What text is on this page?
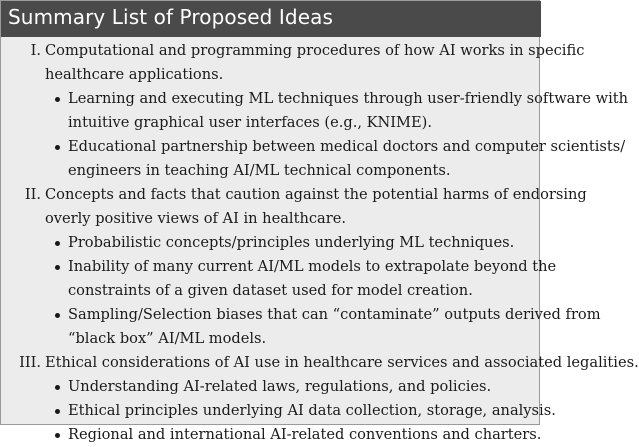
Summary List of Proposed Ideas
I. Computational and programming procedures of how AI works in specific
healthcare applications.
Learning and executing ML techniques through user-friendly software with
intuitive graphical user interfaces (e.g., KNIME).
Educational partnership between medical doctors and computer scientists/
engineers in teaching AI/ML technical components.
II. Concepts and facts that caution against the potential harms of endorsing
overly positive views of AI in healthcare.
Probabilistic concepts/principles underlying ML techniques.
Inability of many current AI/ML models to extrapolate beyond the
constraints of a given dataset used for model creation.
Sampling/Selection biases that can “contaminate” outputs derived from
“black box” AI/ML models.
III. Ethical considerations of AI use in healthcare services and associated legalities.
Understanding AI-related laws, regulations, and policies.
Ethical principles underlying AI data collection, storage, analysis.
Regional and international AI-related conventions and charters.
